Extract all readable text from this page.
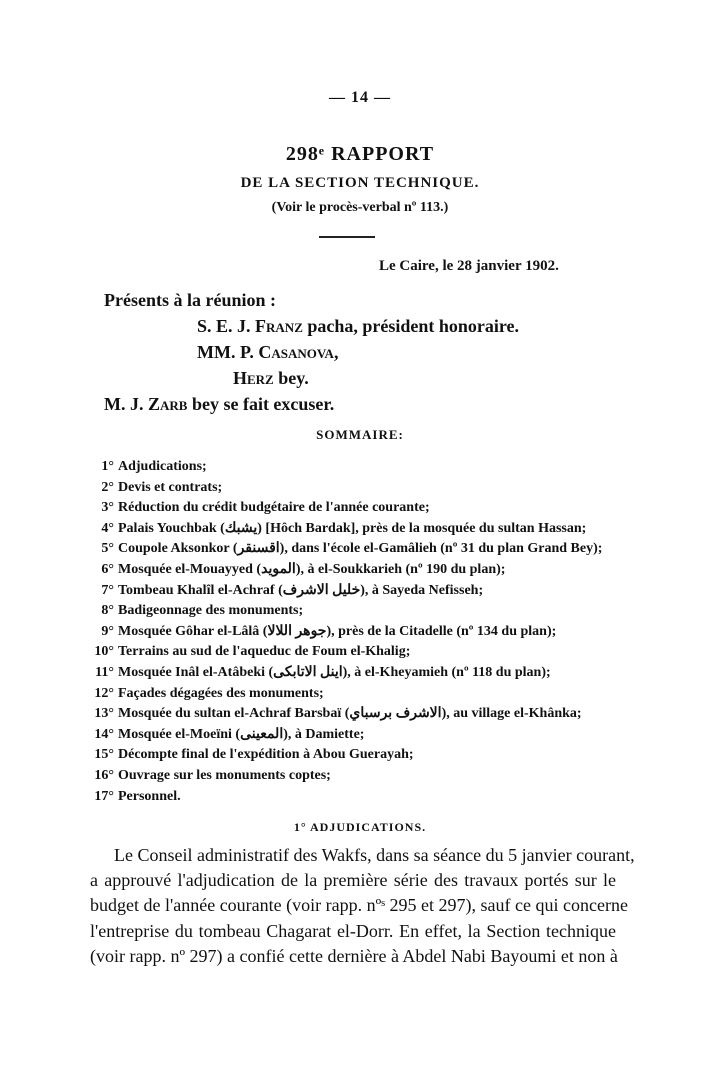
— 14 —
298ᵉ RAPPORT
DE LA SECTION TECHNIQUE.
(Voir le procès-verbal nº 113.)
Le Caire, le 28 janvier 1902.
Présents à la réunion :
S. E. J. Franz pacha, président honoraire.
MM. P. Casanova,
Herz bey.
M. J. Zarb bey se fait excuser.
SOMMAIRE:
1° Adjudications;
2° Devis et contrats;
3° Réduction du crédit budgétaire de l'année courante;
4° Palais Youchbak (يشبك) [Hôch Bardak], près de la mosquée du sultan Hassan;
5° Coupole Aksonkor (اقسنقر), dans l'école el-Gamâlieh (nº 31 du plan Grand Bey);
6° Mosquée el-Mouayyed (المويد), à el-Soukkarieh (nº 190 du plan);
7° Tombeau Khalîl el-Achraf (خليل الاشرف), à Sayeda Nefisseh;
8° Badigeonnage des monuments;
9° Mosquée Gôhar el-Lâlâ (جوهر اللالا), près de la Citadelle (nº 134 du plan);
10° Terrains au sud de l'aqueduc de Foum el-Khalig;
11° Mosquée Inâl el-Atâbeki (اينل الاتابكى), à el-Kheyamieh (nº 118 du plan);
12° Façades dégagées des monuments;
13° Mosquée du sultan el-Achraf Barsbaï (الاشرف برسباي), au village el-Khânka;
14° Mosquée el-Moeïni (المعينى), à Damiette;
15° Décompte final de l'expédition à Abou Guerayah;
16° Ouvrage sur les monuments coptes;
17° Personnel.
1° ADJUDICATIONS.

Le Conseil administratif des Wakfs, dans sa séance du 5 janvier courant,
a approuvé l'adjudication de la première série des travaux portés sur le
budget de l'année courante (voir rapp. nºˢ 295 et 297), sauf ce qui concerne
l'entreprise du tombeau Chagarat el-Dorr. En effet, la Section technique
(voir rapp. nº 297) a confié cette dernière à Abdel Nabi Bayoumi et non à
